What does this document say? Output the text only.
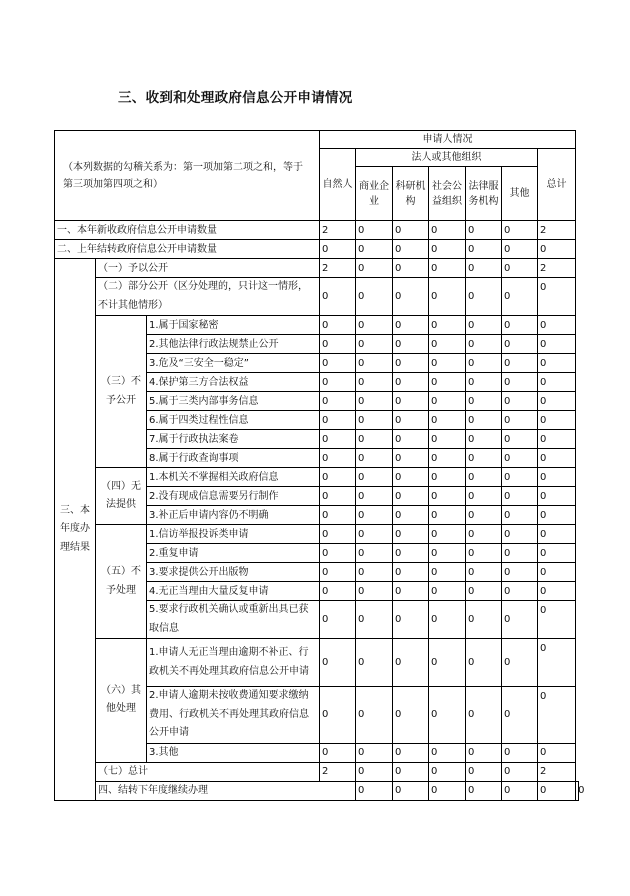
三、收到和处理政府信息公开申请情况
（本列数据的勾稽关系为：第一项加第二项之和，等于第三项加第四项之和）			申请人情况							
			自然人	法人或其他组织					总计	
				商业企业	科研机构	社会公益组织	法律服务机构	其他		
一、本年新收政府信息公开申请数量			2	0	0	0	0	0	2	
二、上年结转政府信息公开申请数量			0	0	0	0	0	0	0	
三、本年度办理结果	（一）予以公开		2	0	0	0	0	0	2	
	（二）部分公开（区分处理的，只计这一情形，不计其他情形）		0	0	0	0	0	0	0	
	（三）不予公开	1.属于国家秘密	0	0	0	0	0	0	0	
		2.其他法律行政法规禁止公开	0	0	0	0	0	0	0	
		3.危及“三安全一稳定”	0	0	0	0	0	0	0	
		4.保护第三方合法权益	0	0	0	0	0	0	0	
		5.属于三类内部事务信息	0	0	0	0	0	0	0	
		6.属于四类过程性信息	0	0	0	0	0	0	0	
		7.属于行政执法案卷	0	0	0	0	0	0	0	
		8.属于行政查询事项	0	0	0	0	0	0	0	
	（四）无法提供	1.本机关不掌握相关政府信息	0	0	0	0	0	0	0	
		2.没有现成信息需要另行制作	0	0	0	0	0	0	0	
		3.补正后申请内容仍不明确	0	0	0	0	0	0	0	
	（五）不予处理	1.信访举报投诉类申请	0	0	0	0	0	0	0	
		2.重复申请	0	0	0	0	0	0	0	
		3.要求提供公开出版物	0	0	0	0	0	0	0	
		4.无正当理由大量反复申请	0	0	0	0	0	0	0	
		5.要求行政机关确认或重新出具已获取信息	0	0	0	0	0	0	0	
	（六）其他处理	1.申请人无正当理由逾期不补正、行政机关不再处理其政府信息公开申请	0	0	0	0	0	0	0	
		2.申请人逾期未按收费通知要求缴纳费用、行政机关不再处理其政府信息公开申请	0	0	0	0	0	0	0	
		3.其他	0	0	0	0	0	0	0	
	（七）总计		2	0	0	0	0	0	2	
	四、结转下年度继续办理			0	0	0	0	0	0	0
